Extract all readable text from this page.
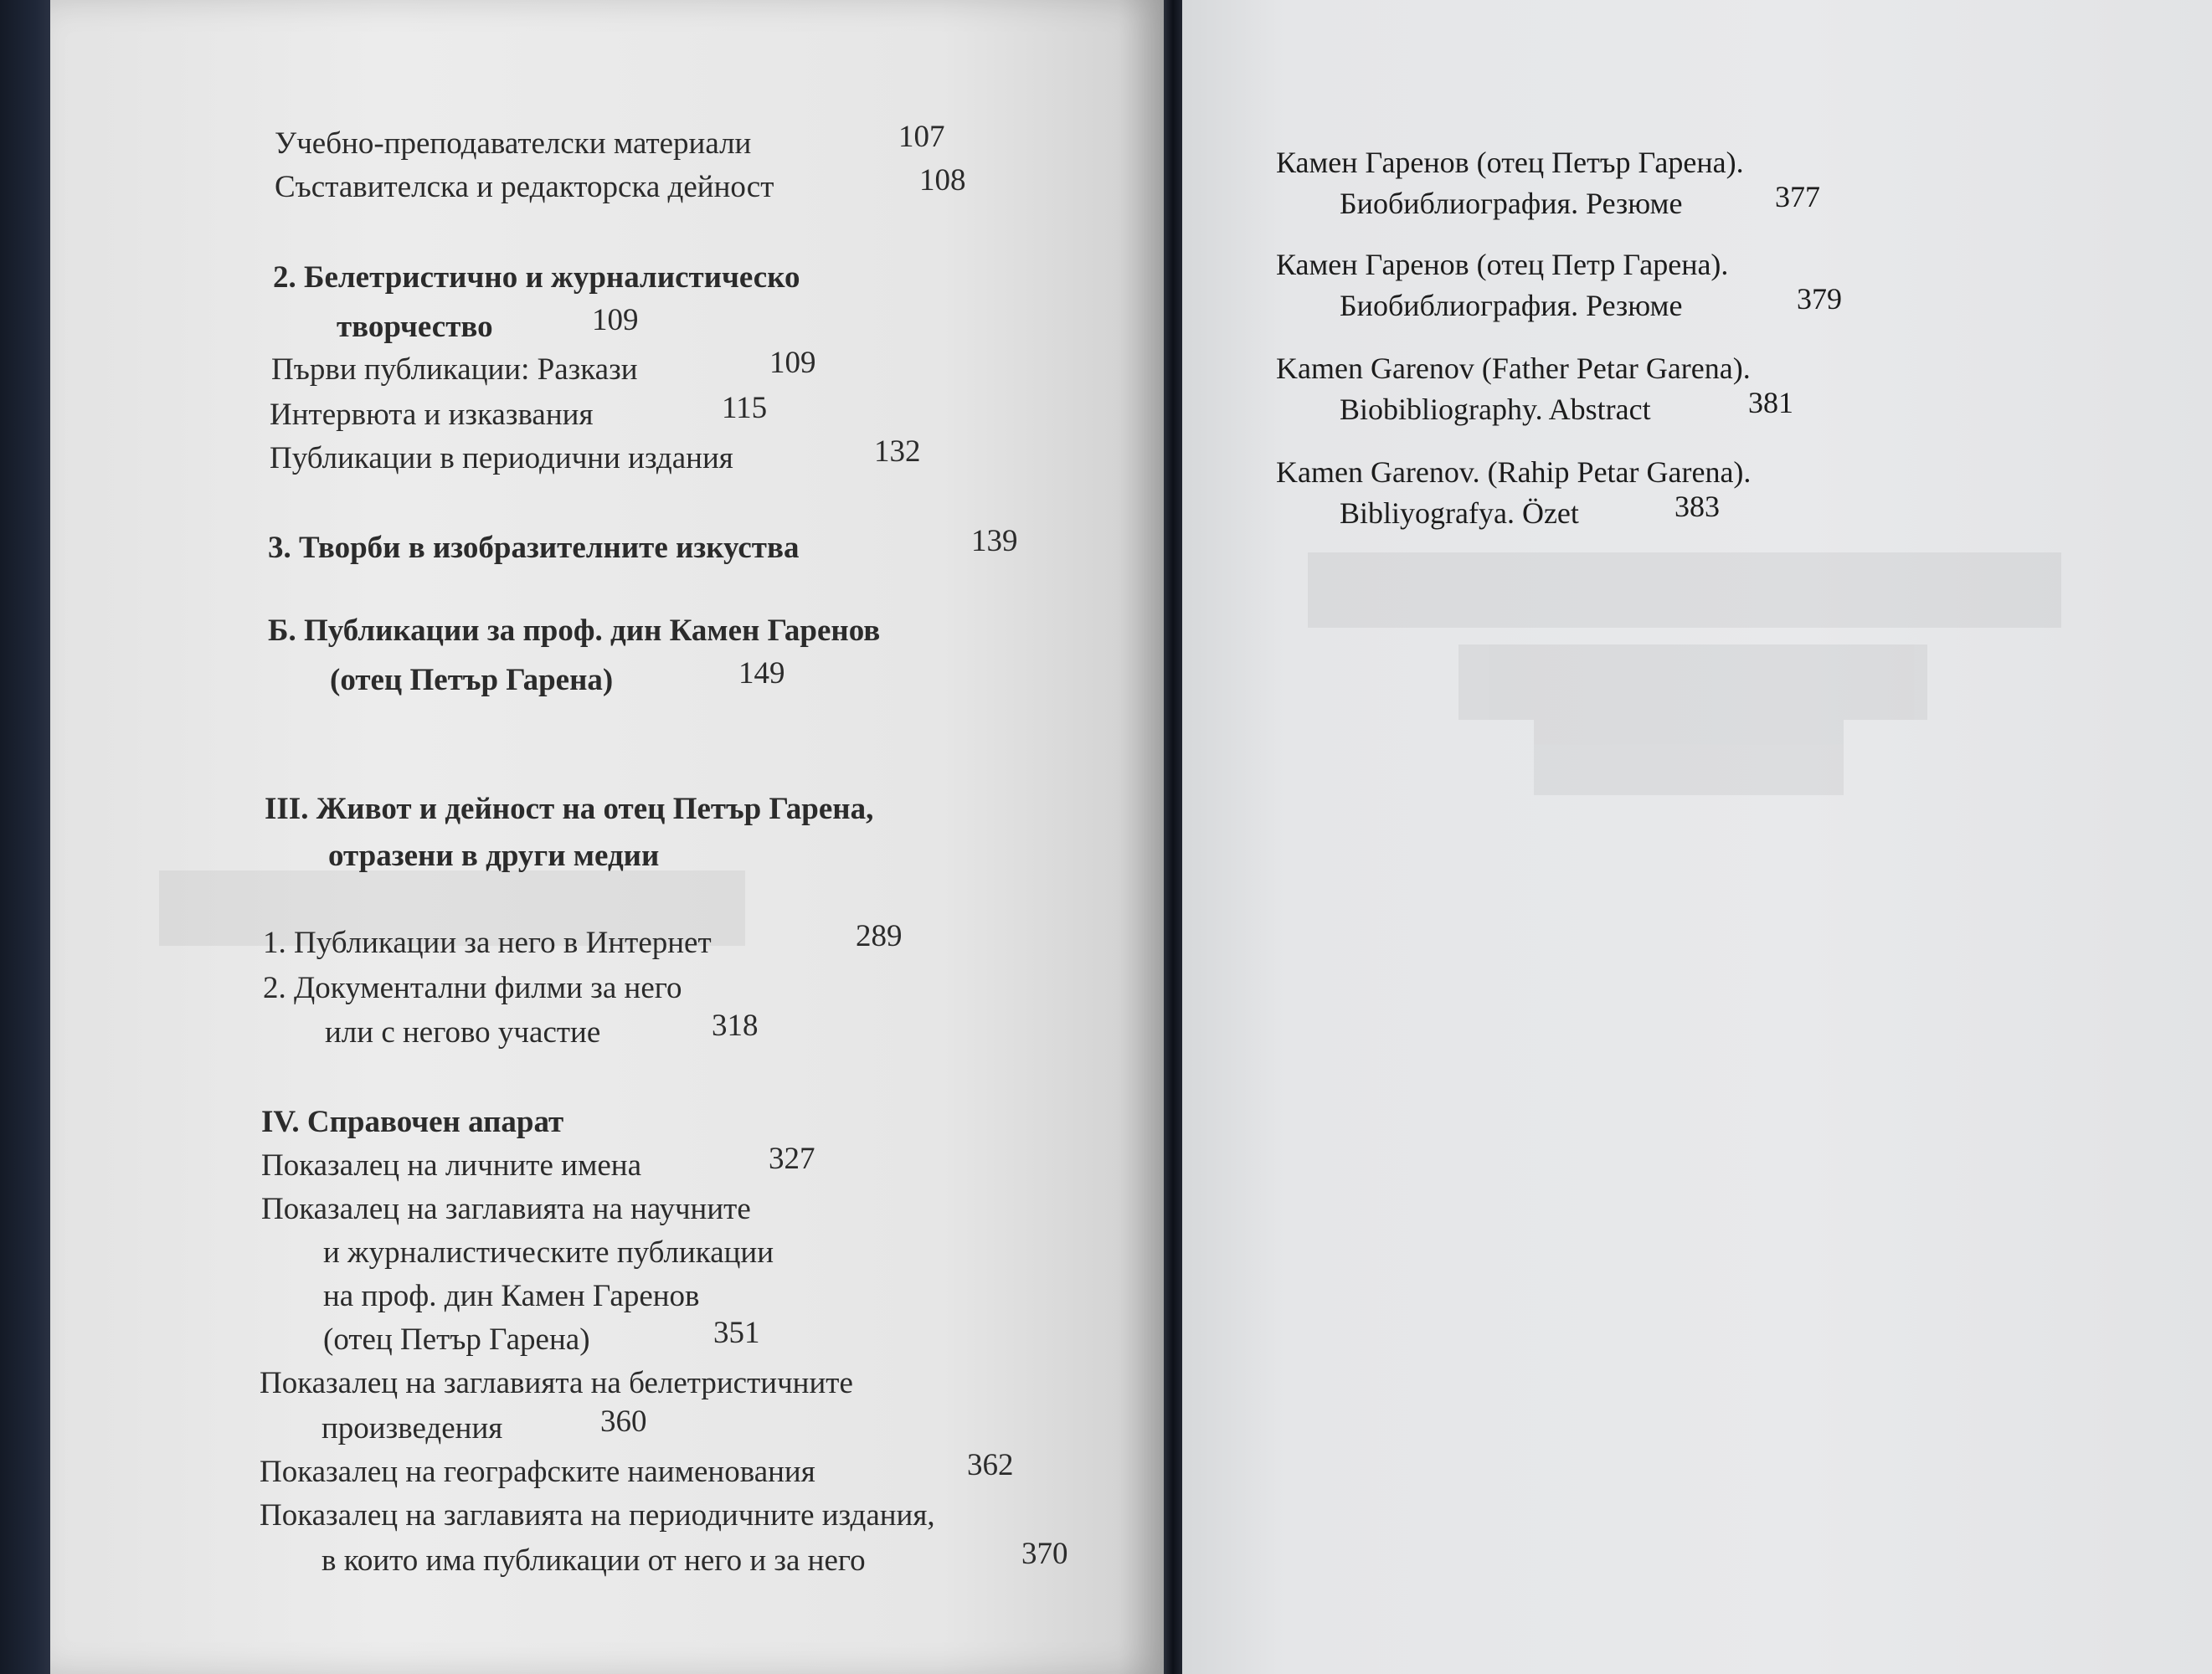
Учебно-преподавателски материали	107
Съставителска и редакторска дейност	108
2. Белетристично и журналистическо
творчество	109
Първи публикации: Разкази	109
Интервюта и изказвания	115
Публикации в периодични издания	132
3. Творби в изобразителните изкуства	139
Б. Публикации за проф. дин Камен Гаренов
(отец Петър Гарена)	149
III. Живот и дейност на отец Петър Гарена,
отразени в други медии
1. Публикации за него в Интернет	289
2. Документални филми за него
или с негово участие	318
IV. Справочен апарат
Показалец на личните имена	327
Показалец на заглавията на научните
и журналистическите публикации
на проф. дин Камен Гаренов
(отец Петър Гарена)	351
Показалец на заглавията на белетристичните
произведения	360
Показалец на географските наименования	362
Показалец на заглавията на периодичните издания,
в които има публикации от него и за него	370
Камен Гаренов (отец Петър Гарена).
Биобиблиография. Резюме	377
Камен Гаренов (отец Петр Гарена).
Биобиблиография. Резюме	379
Kamen Garenov (Father Petar Garena).
Biobibliography. Abstract	381
Kamen Garenov. (Rahip Petar Garena).
Bibliyografya. Özet	383
